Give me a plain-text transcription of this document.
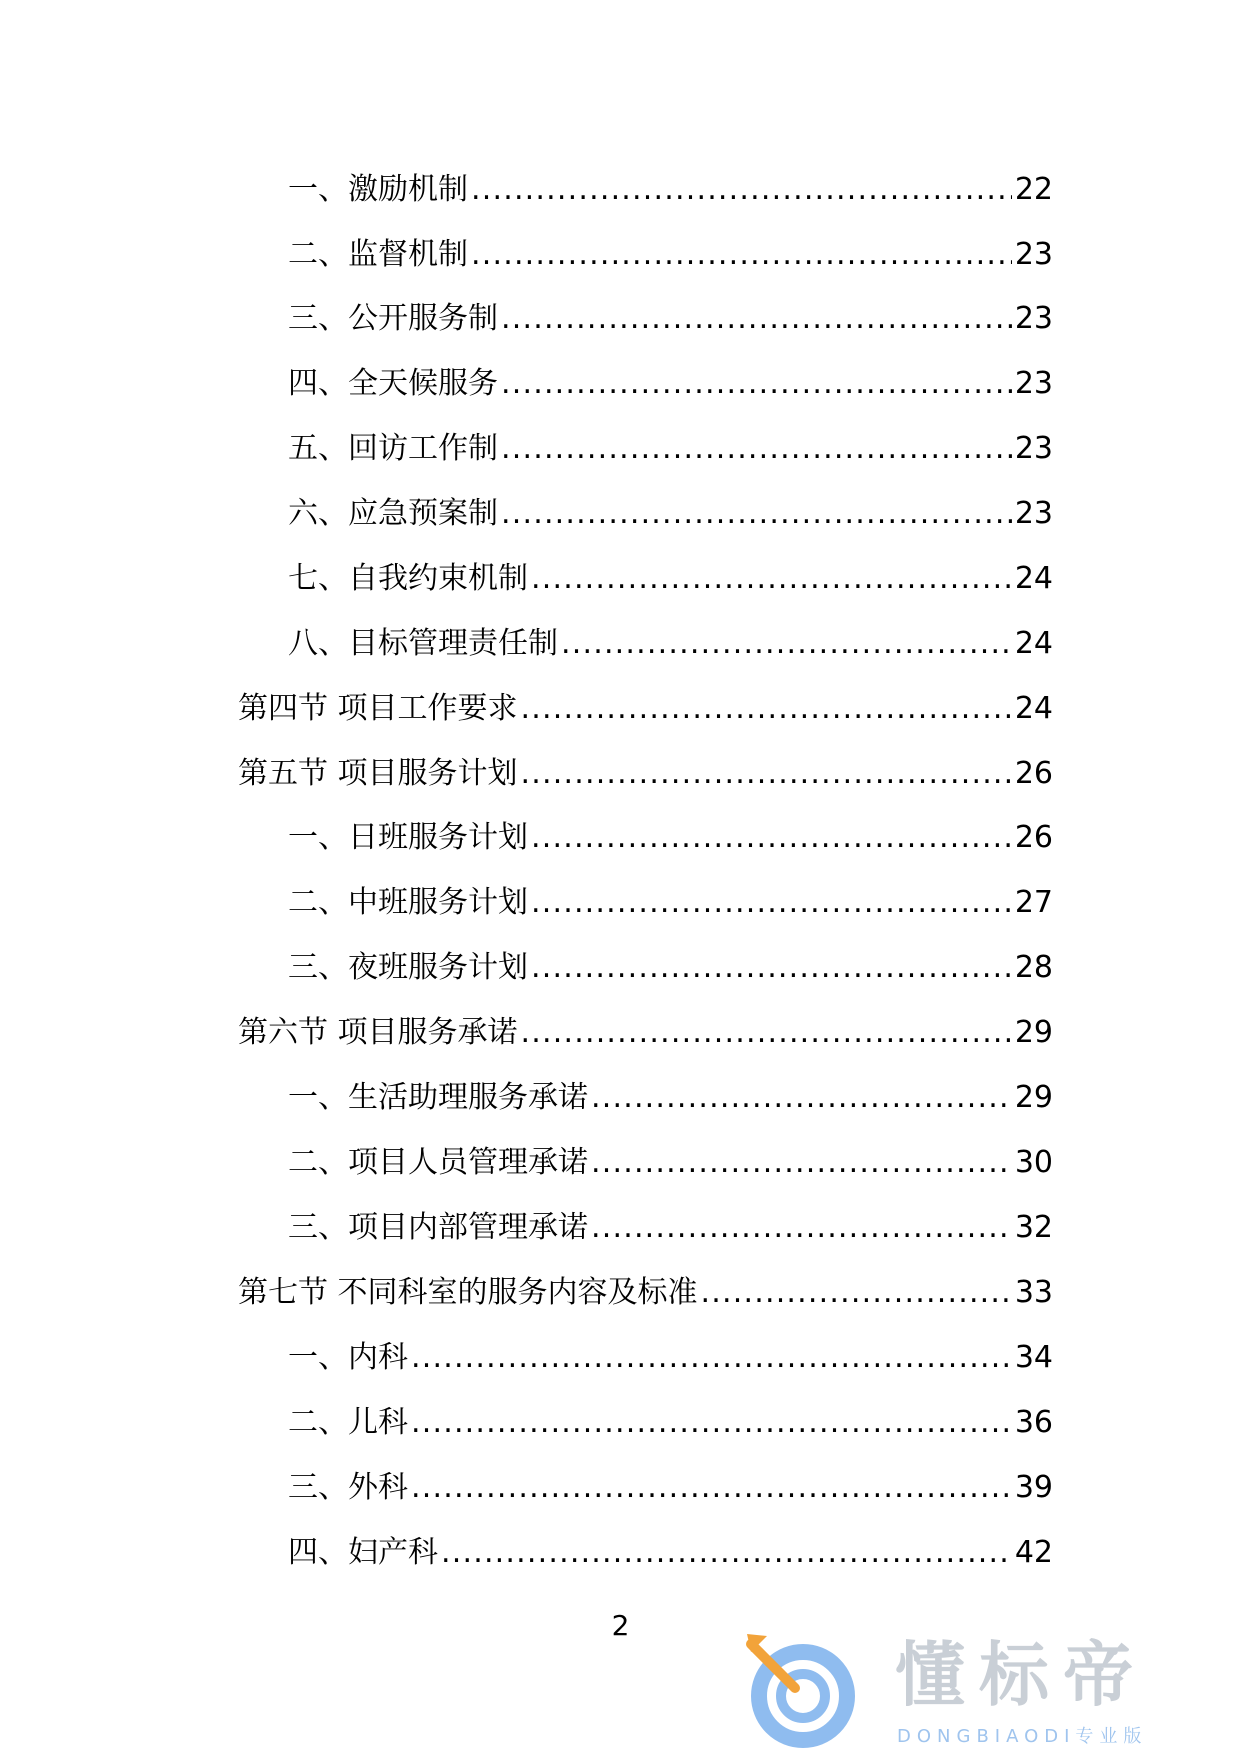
一、激励机制 .....	22
二、监督机制 .....	23
三、公开服务制 .....	23
四、全天候服务 .....	23
五、回访工作制 .....	23
六、应急预案制 .....	23
七、自我约束机制 .....	24
八、目标管理责任制 .....	24
第四节 项目工作要求 .....	24
第五节 项目服务计划 .....	26
一、日班服务计划 .....	26
二、中班服务计划 .....	27
三、夜班服务计划 .....	28
第六节 项目服务承诺 .....	29
一、生活助理服务承诺 .....	29
二、项目人员管理承诺 .....	30
三、项目内部管理承诺 .....	32
第七节 不同科室的服务内容及标准 .....	33
一、内科 .....	34
二、儿科 .....	36
三、外科 .....	39
四、妇产科 .....	42
2
懂标帝
DONGBIAODI专业版
